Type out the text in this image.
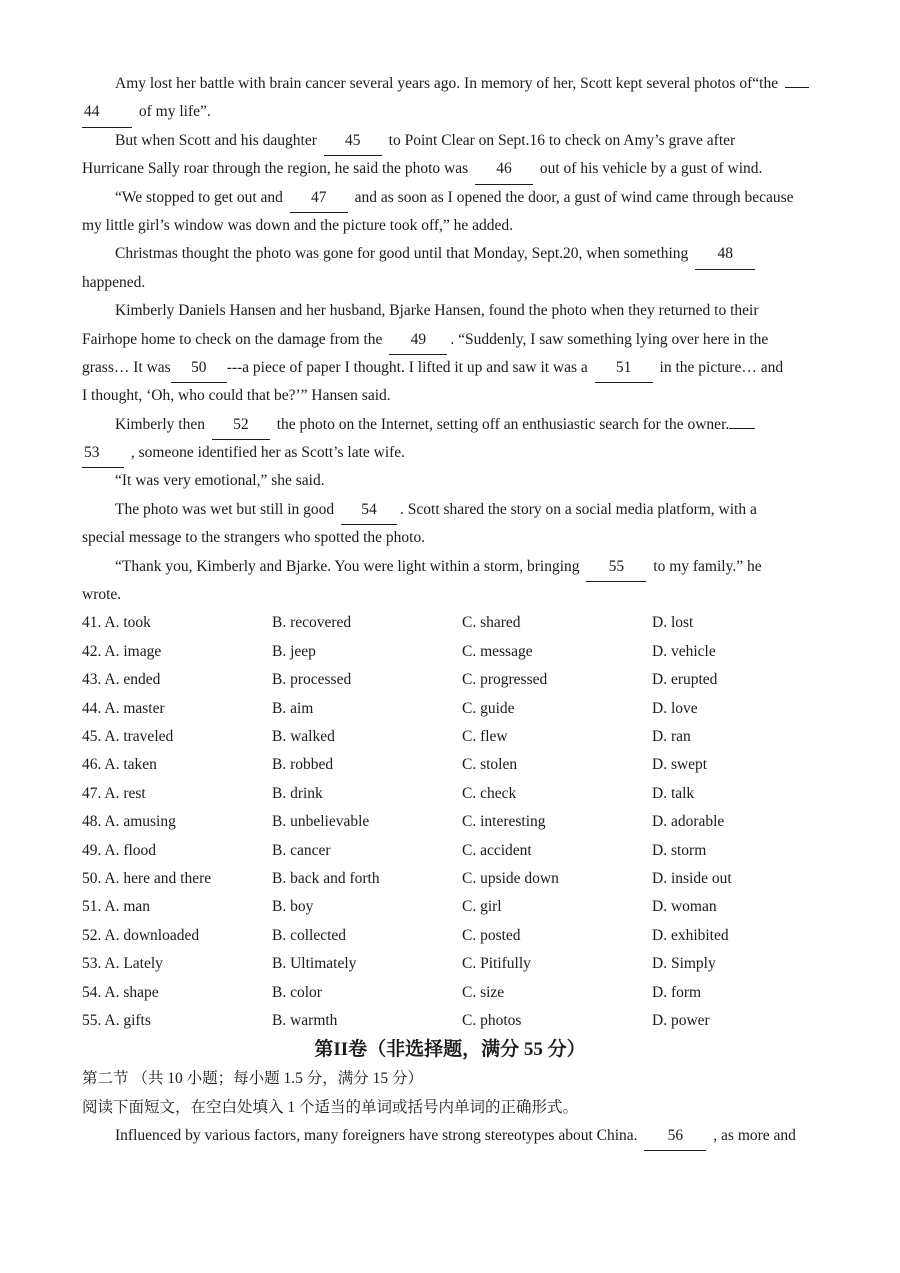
Amy lost her battle with brain cancer several years ago. In memory of her, Scott kept several photos of“the
44 of my life”.
But when Scott and his daughter 45 to Point Clear on Sept.16 to check on Amy’s grave after
Hurricane Sally roar through the region, he said the photo was 46 out of his vehicle by a gust of wind.
“We stopped to get out and 47 and as soon as I opened the door, a gust of wind came through because
my little girl’s window was down and the picture took off,” he added.
Christmas thought the photo was gone for good until that Monday, Sept.20, when something 48
happened.
Kimberly Daniels Hansen and her husband, Bjarke Hansen, found the photo when they returned to their
Fairhope home to check on the damage from the 49 . “Suddenly, I saw something lying over here in the
grass… It was 50 ---a piece of paper I thought. I lifted it up and saw it was a 51 in the picture… and
I thought, ‘Oh, who could that be?’” Hansen said.
Kimberly then 52 the photo on the Internet, setting off an enthusiastic search for the owner.
53 , someone identified her as Scott’s late wife.
“It was very emotional,” she said.
The photo was wet but still in good 54 . Scott shared the story on a social media platform, with a
special message to the strangers who spotted the photo.
“Thank you, Kimberly and Bjarke. You were light within a storm, bringing 55 to my family.” he
wrote.
41. A. took	B. recovered	C. shared	D. lost
42. A. image	B. jeep	C. message	D. vehicle
43. A. ended	B. processed	C. progressed	D. erupted
44. A. master	B. aim	C. guide	D. love
45. A. traveled	B. walked	C. flew	D. ran
46. A. taken	B. robbed	C. stolen	D. swept
47. A. rest	B. drink	C. check	D. talk
48. A. amusing	B. unbelievable	C. interesting	D. adorable
49. A. flood	B. cancer	C. accident	D. storm
50. A. here and there	B. back and forth	C. upside down	D. inside out
51. A. man	B. boy	C. girl	D. woman
52. A. downloaded	B. collected	C. posted	D. exhibited
53. A. Lately	B. Ultimately	C. Pitifully	D. Simply
54. A. shape	B. color	C. size	D. form
55. A. gifts	B. warmth	C. photos	D. power
第II卷（非选择题，满分 55 分）
第二节 （共 10 小题；每小题 1.5 分，满分 15 分）
阅读下面短文，在空白处填入 1 个适当的单词或括号内单词的正确形式。
Influenced by various factors, many foreigners have strong stereotypes about China. 56 , as more and
